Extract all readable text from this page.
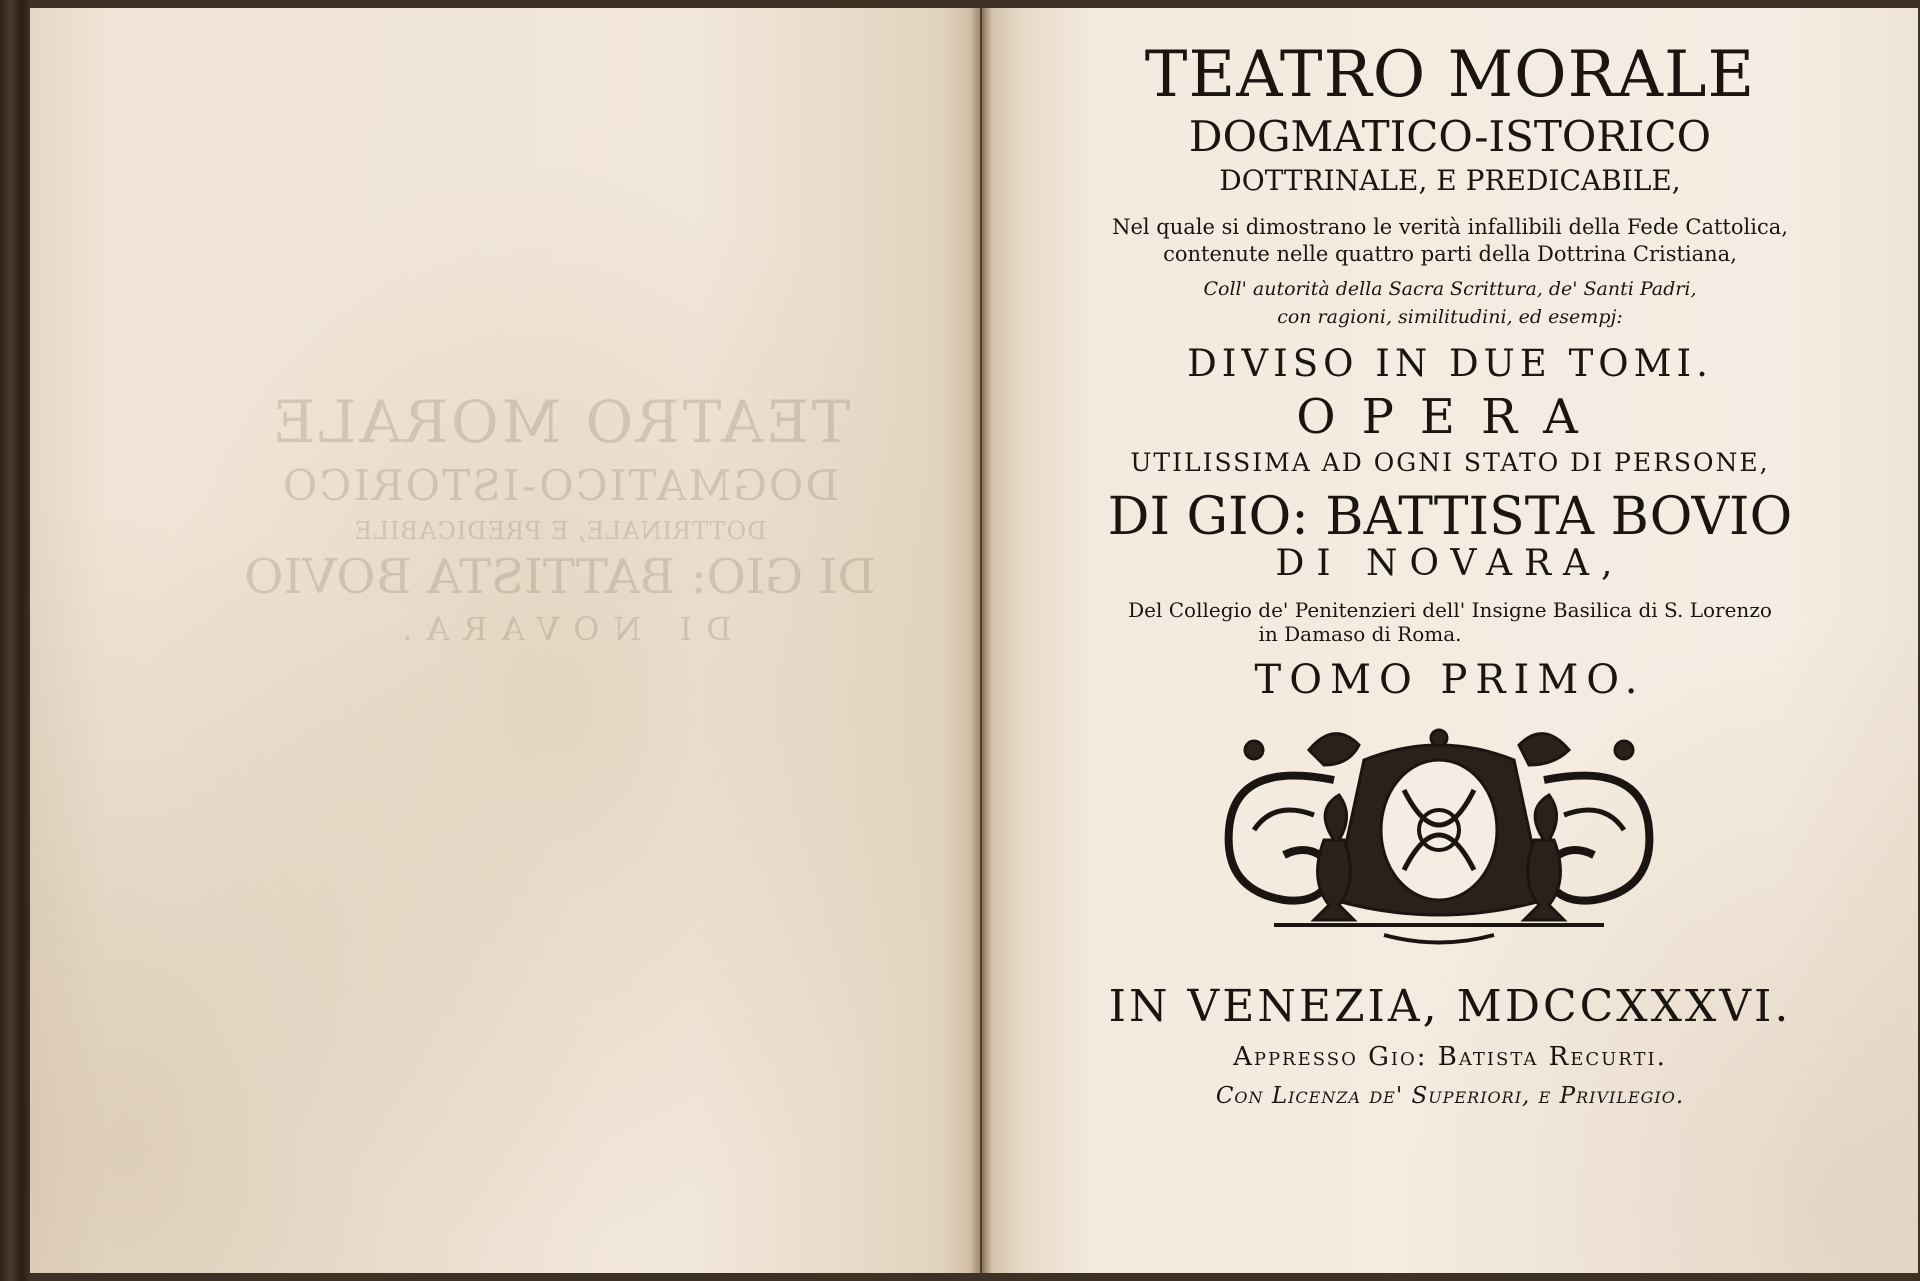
TEATRO MORALE
DOGMATICO-ISTORICO
DOTTRINALE, E PREDICABILE
DI GIO: BATTISTA BOVIO
DI NOVARA.
TEATRO MORALE
DOGMATICO-ISTORICO
DOTTRINALE, E PREDICABILE,
Nel quale si dimostrano le verità infallibili della Fede Cattolica,
contenute nelle quattro parti della Dottrina Cristiana,
Coll' autorità della Sacra Scrittura, de' Santi Padri,
con ragioni, similitudini, ed esempj:
DIVISO IN DUE TOMI.
OPERA
UTILISSIMA AD OGNI STATO DI PERSONE,
DI GIO: BATTISTA BOVIO
DI NOVARA,
Del Collegio de' Penitenzieri dell' Insigne Basilica di S. Lorenzo
in Damaso di Roma.
TOMO PRIMO.
IN VENEZIA, MDCCXXXVI.
Appresso Gio: Batista Recurti.
Con Licenza de' Superiori, e Privilegio.
